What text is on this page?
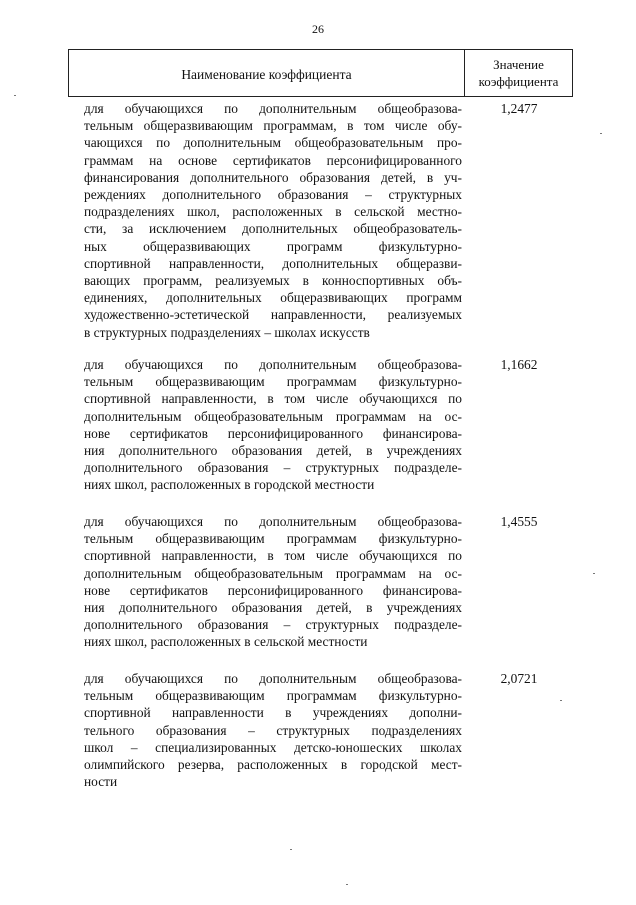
26
Наименование коэффициента
Значение
коэффициента
для обучающихся по дополнительным общеобразова-
тельным общеразвивающим программам, в том числе обу-
чающихся по дополнительным общеобразовательным про-
граммам на основе сертификатов персонифицированного
финансирования дополнительного образования детей, в уч-
реждениях дополнительного образования – структурных
подразделениях школ, расположенных в сельской местно-
сти, за исключением дополнительных общеобразователь-
ных общеразвивающих программ физкультурно-
спортивной направленности, дополнительных общеразви-
вающих программ, реализуемых в конноспортивных объ-
единениях, дополнительных общеразвивающих программ
художественно-эстетической направленности, реализуемых
в структурных подразделениях – школах искусств
1,2477
для обучающихся по дополнительным общеобразова-
тельным общеразвивающим программам физкультурно-
спортивной направленности, в том числе обучающихся по
дополнительным общеобразовательным программам на ос-
нове сертификатов персонифицированного финансирова-
ния дополнительного образования детей, в учреждениях
дополнительного образования – структурных подразделе-
ниях школ, расположенных в городской местности
1,1662
для обучающихся по дополнительным общеобразова-
тельным общеразвивающим программам физкультурно-
спортивной направленности, в том числе обучающихся по
дополнительным общеобразовательным программам на ос-
нове сертификатов персонифицированного финансирова-
ния дополнительного образования детей, в учреждениях
дополнительного образования – структурных подразделе-
ниях школ, расположенных в сельской местности
1,4555
для обучающихся по дополнительным общеобразова-
тельным общеразвивающим программам физкультурно-
спортивной направленности в учреждениях дополни-
тельного образования – структурных подразделениях
школ – специализированных детско-юношеских школах
олимпийского резерва, расположенных в городской мест-
ности
2,0721
